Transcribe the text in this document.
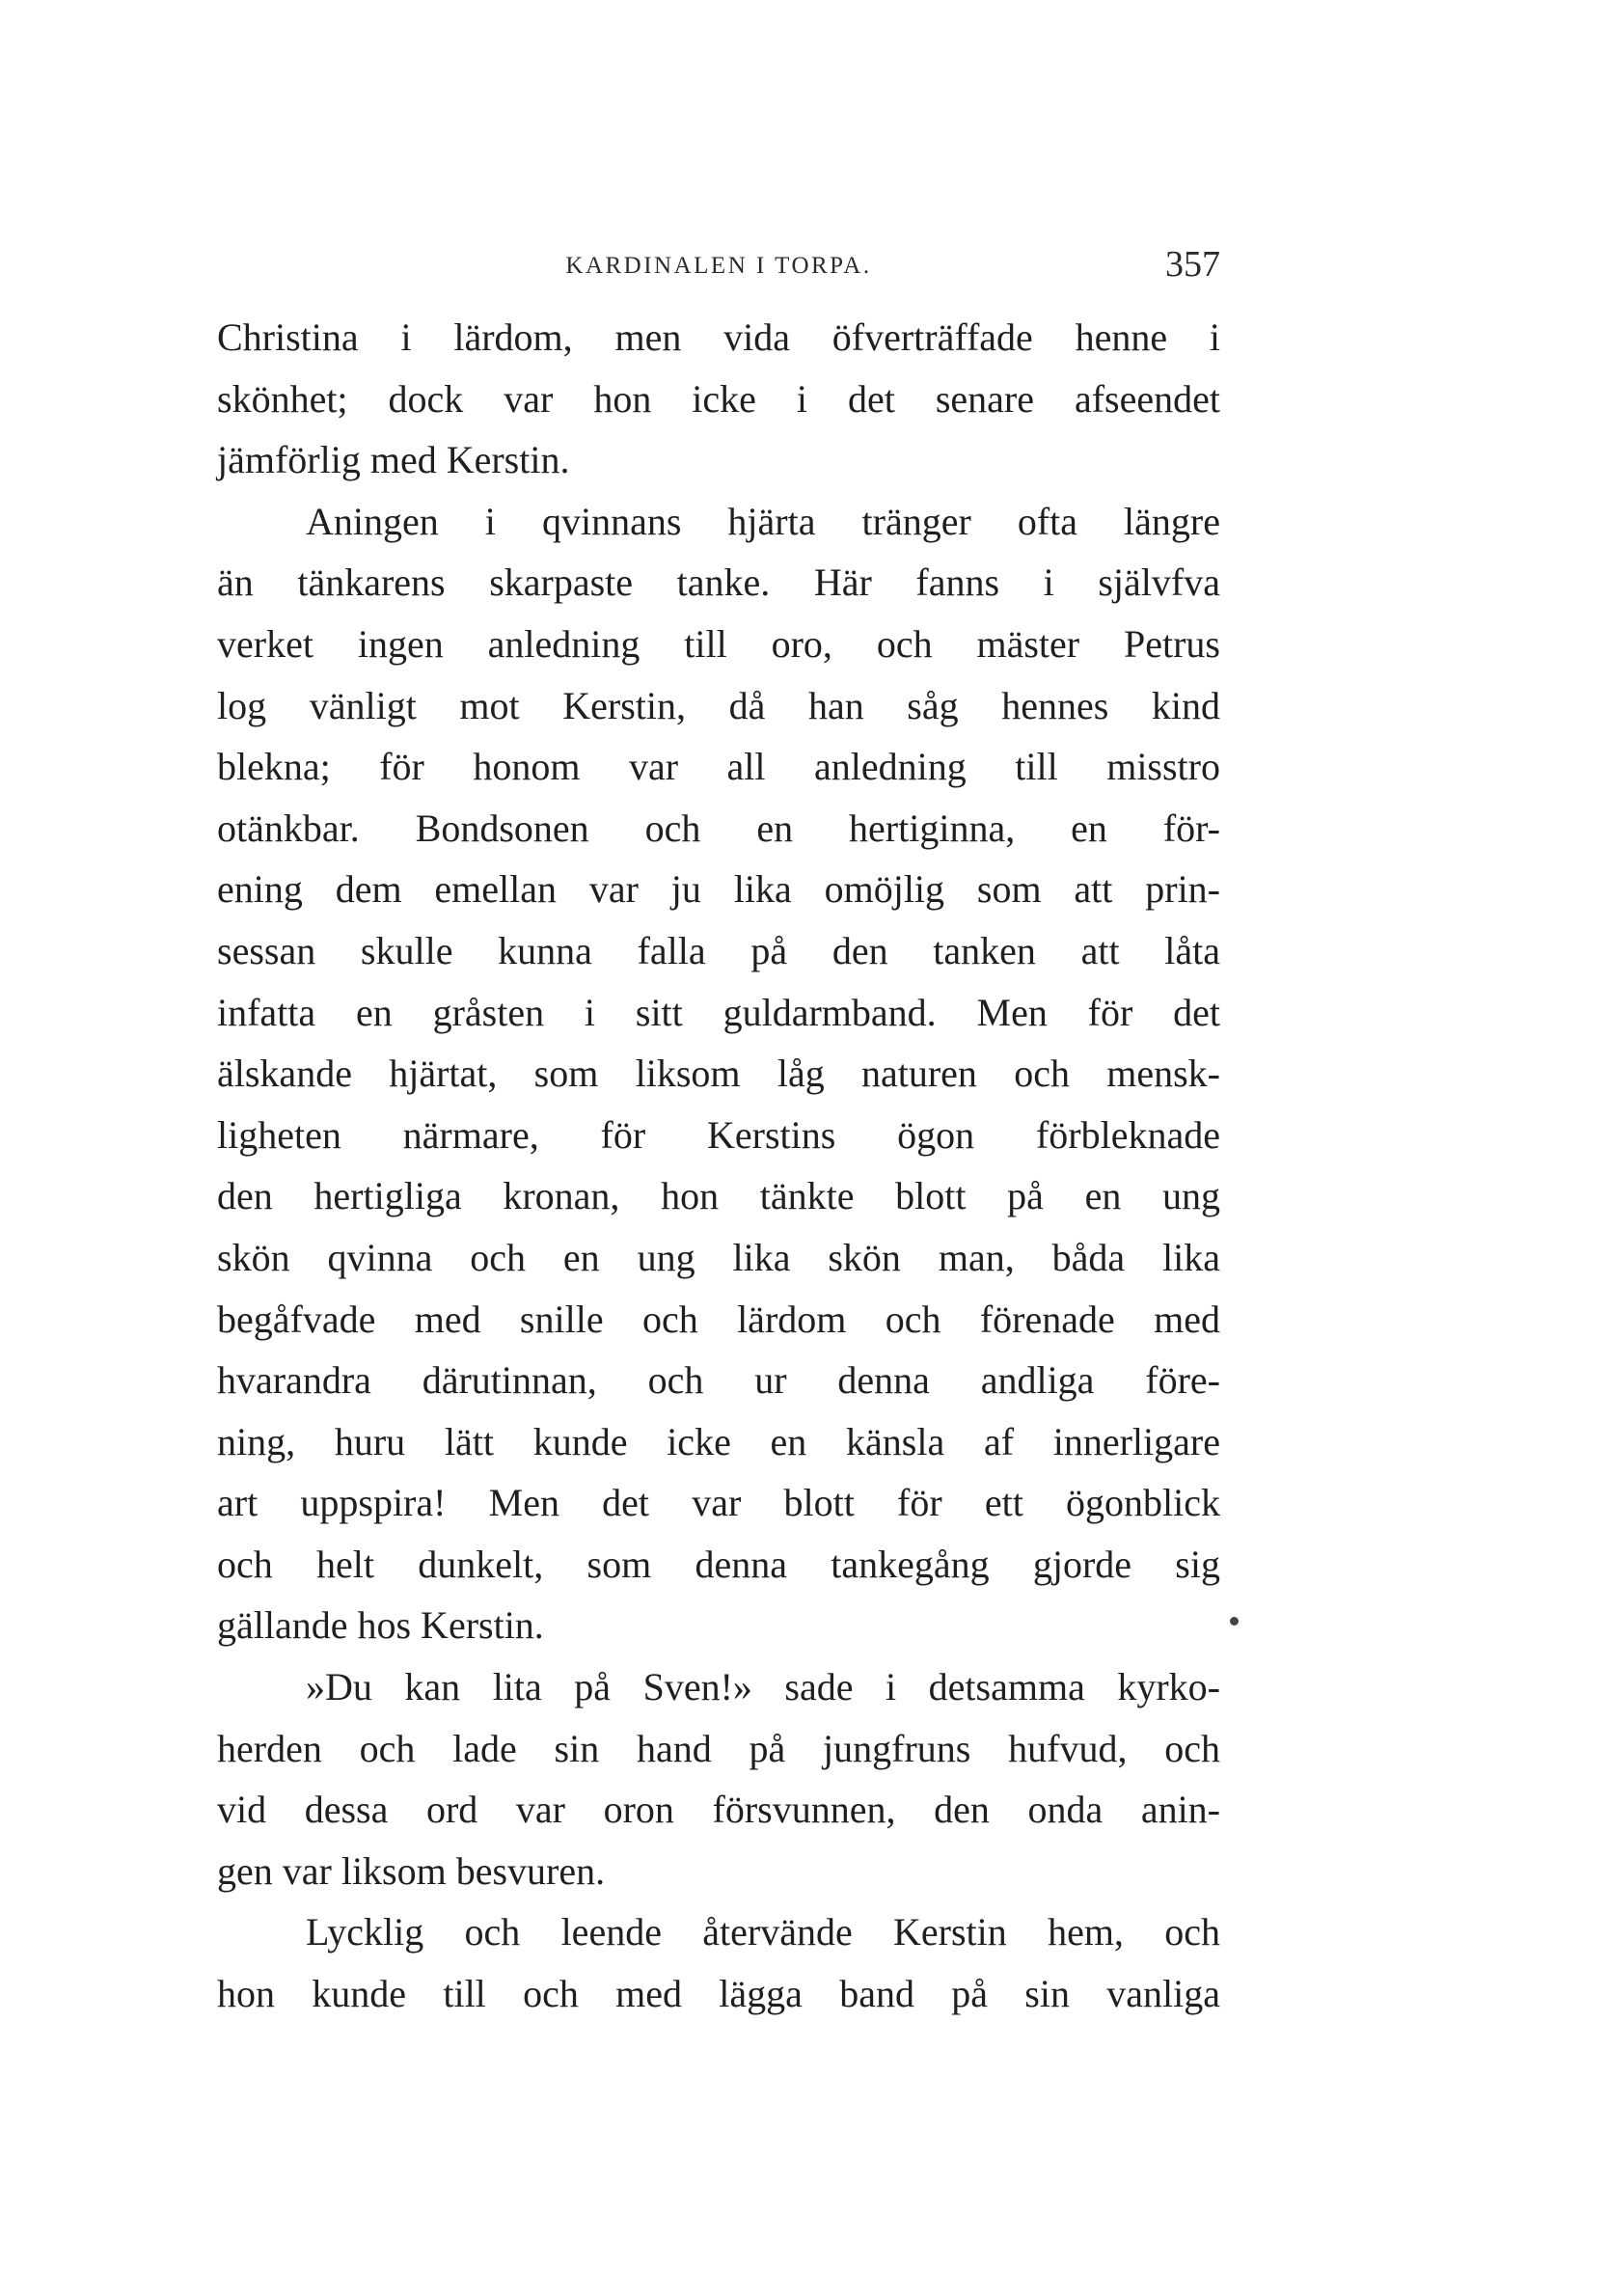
KARDINALEN I TORPA.	357
Christina i lärdom, men vida öfverträffade henne i
skönhet; dock var hon icke i det senare afseendet
jämförlig med Kerstin.
Aningen i qvinnans hjärta tränger ofta längre
än tänkarens skarpaste tanke. Här fanns i självfva
verket ingen anledning till oro, och mäster Petrus
log vänligt mot Kerstin, då han såg hennes kind
blekna; för honom var all anledning till misstro
otänkbar. Bondsonen och en hertiginna, en för-
ening dem emellan var ju lika omöjlig som att prin-
sessan skulle kunna falla på den tanken att låta
infatta en gråsten i sitt guldarmband. Men för det
älskande hjärtat, som liksom låg naturen och mensk-
ligheten närmare, för Kerstins ögon förbleknade
den hertigliga kronan, hon tänkte blott på en ung
skön qvinna och en ung lika skön man, båda lika
begåfvade med snille och lärdom och förenade med
hvarandra därutinnan, och ur denna andliga före-
ning, huru lätt kunde icke en känsla af innerligare
art uppspira! Men det var blott för ett ögonblick
och helt dunkelt, som denna tankegång gjorde sig
gällande hos Kerstin.
»Du kan lita på Sven!» sade i detsamma kyrko-
herden och lade sin hand på jungfruns hufvud, och
vid dessa ord var oron försvunnen, den onda anin-
gen var liksom besvuren.
Lycklig och leende återvände Kerstin hem, och
hon kunde till och med lägga band på sin vanliga
